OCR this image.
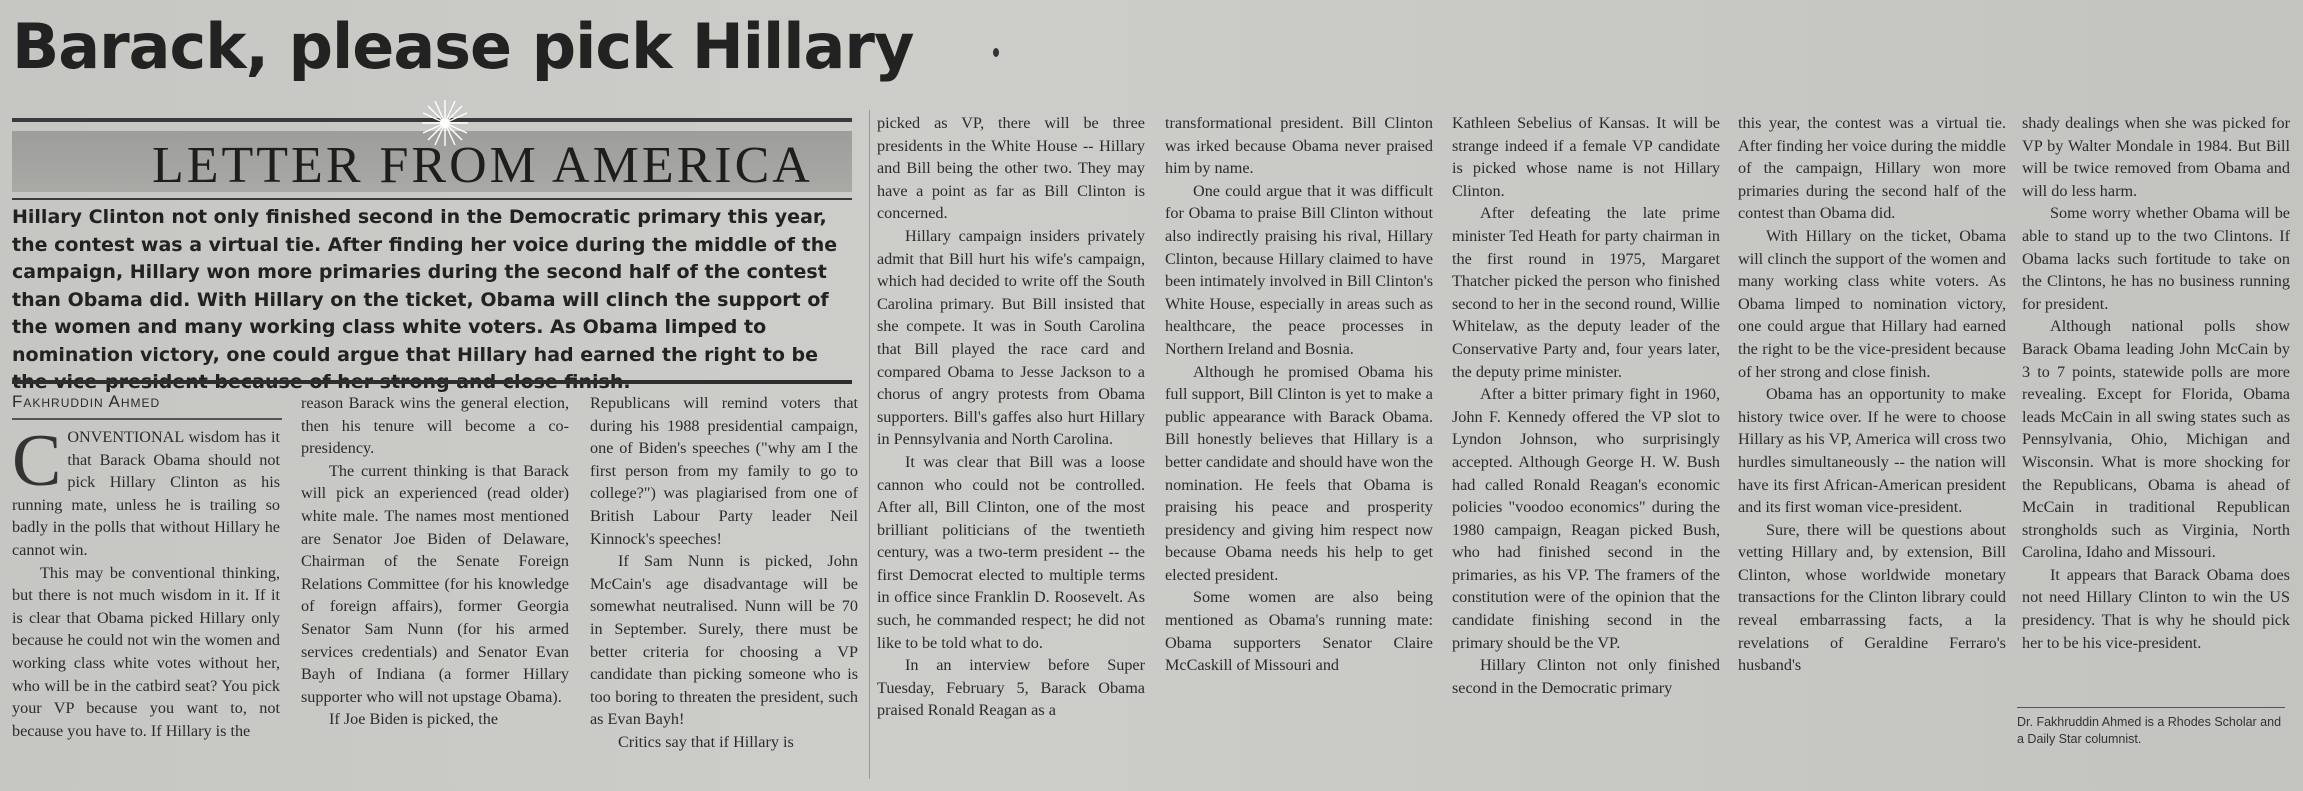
Barack, please pick Hillary
LETTER FROM AMERICA
Hillary Clinton not only finished second in the Democratic primary this year, the contest was a virtual tie. After finding her voice during the middle of the campaign, Hillary won more primaries during the second half of the contest than Obama did. With Hillary on the ticket, Obama will clinch the support of the women and many working class white voters. As Obama limped to nomination victory, one could argue that Hillary had earned the right to be the vice-president because of her strong and close finish.
Fakhruddin Ahmed

CONVENTIONAL wisdom has it that Barack Obama should not pick Hillary Clinton as his running mate, unless he is trailing so badly in the polls that without Hillary he cannot win.

This may be conventional thinking, but there is not much wisdom in it. If it is clear that Obama picked Hillary only because he could not win the women and working class white votes without her, who will be in the catbird seat? You pick your VP because you want to, not because you have to. If Hillary is the

reason Barack wins the general election, then his tenure will become a co-presidency.

The current thinking is that Barack will pick an experienced (read older) white male. The names most mentioned are Senator Joe Biden of Delaware, Chairman of the Senate Foreign Relations Committee (for his knowledge of foreign affairs), former Georgia Senator Sam Nunn (for his armed services credentials) and Senator Evan Bayh of Indiana (a former Hillary supporter who will not upstage Obama).

If Joe Biden is picked, the

Republicans will remind voters that during his 1988 presidential campaign, one of Biden's speeches ("why am I the first person from my family to go to college?") was plagiarised from one of British Labour Party leader Neil Kinnock's speeches!

If Sam Nunn is picked, John McCain's age disadvantage will be somewhat neutralised. Nunn will be 70 in September. Surely, there must be better criteria for choosing a VP candidate than picking someone who is too boring to threaten the president, such as Evan Bayh!

Critics say that if Hillary is

picked as VP, there will be three presidents in the White House -- Hillary and Bill being the other two. They may have a point as far as Bill Clinton is concerned.

Hillary campaign insiders privately admit that Bill hurt his wife's campaign, which had decided to write off the South Carolina primary. But Bill insisted that she compete. It was in South Carolina that Bill played the race card and compared Obama to Jesse Jackson to a chorus of angry protests from Obama supporters. Bill's gaffes also hurt Hillary in Pennsylvania and North Carolina.

It was clear that Bill was a loose cannon who could not be controlled. After all, Bill Clinton, one of the most brilliant politicians of the twentieth century, was a two-term president -- the first Democrat elected to multiple terms in office since Franklin D. Roosevelt. As such, he commanded respect; he did not like to be told what to do.

In an interview before Super Tuesday, February 5, Barack Obama praised Ronald Reagan as a

transformational president. Bill Clinton was irked because Obama never praised him by name.

One could argue that it was difficult for Obama to praise Bill Clinton without also indirectly praising his rival, Hillary Clinton, because Hillary claimed to have been intimately involved in Bill Clinton's White House, especially in areas such as healthcare, the peace processes in Northern Ireland and Bosnia.

Although he promised Obama his full support, Bill Clinton is yet to make a public appearance with Barack Obama. Bill honestly believes that Hillary is a better candidate and should have won the nomination. He feels that Obama is praising his peace and prosperity presidency and giving him respect now because Obama needs his help to get elected president.

Some women are also being mentioned as Obama's running mate: Obama supporters Senator Claire McCaskill of Missouri and

Kathleen Sebelius of Kansas. It will be strange indeed if a female VP candidate is picked whose name is not Hillary Clinton.

After defeating the late prime minister Ted Heath for party chairman in the first round in 1975, Margaret Thatcher picked the person who finished second to her in the second round, Willie Whitelaw, as the deputy leader of the Conservative Party and, four years later, the deputy prime minister.

After a bitter primary fight in 1960, John F. Kennedy offered the VP slot to Lyndon Johnson, who surprisingly accepted. Although George H. W. Bush had called Ronald Reagan's economic policies "voodoo economics" during the 1980 campaign, Reagan picked Bush, who had finished second in the primaries, as his VP. The framers of the constitution were of the opinion that the candidate finishing second in the primary should be the VP.

Hillary Clinton not only finished second in the Democratic primary

this year, the contest was a virtual tie. After finding her voice during the middle of the campaign, Hillary won more primaries during the second half of the contest than Obama did.

With Hillary on the ticket, Obama will clinch the support of the women and many working class white voters. As Obama limped to nomination victory, one could argue that Hillary had earned the right to be the vice-president because of her strong and close finish.

Obama has an opportunity to make history twice over. If he were to choose Hillary as his VP, America will cross two hurdles simultaneously -- the nation will have its first African-American president and its first woman vice-president.

Sure, there will be questions about vetting Hillary and, by extension, Bill Clinton, whose worldwide monetary transactions for the Clinton library could reveal embarrassing facts, a la revelations of Geraldine Ferraro's husband's

shady dealings when she was picked for VP by Walter Mondale in 1984. But Bill will be twice removed from Obama and will do less harm.

Some worry whether Obama will be able to stand up to the two Clintons. If Obama lacks such fortitude to take on the Clintons, he has no business running for president.

Although national polls show Barack Obama leading John McCain by 3 to 7 points, statewide polls are more revealing. Except for Florida, Obama leads McCain in all swing states such as Pennsylvania, Ohio, Michigan and Wisconsin. What is more shocking for the Republicans, Obama is ahead of McCain in traditional Republican strongholds such as Virginia, North Carolina, Idaho and Missouri.

It appears that Barack Obama does not need Hillary Clinton to win the US presidency. That is why he should pick her to be his vice-president.

Dr. Fakhruddin Ahmed is a Rhodes Scholar and a Daily Star columnist.
